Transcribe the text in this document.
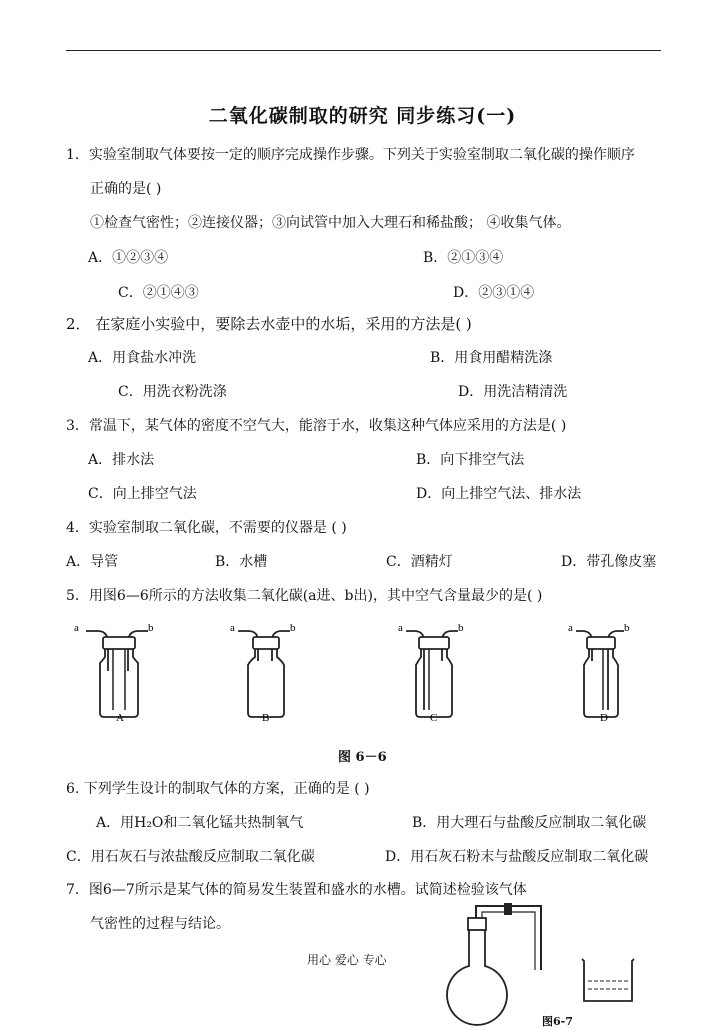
二氧化碳制取的研究 同步练习(一)
1．实验室制取气体要按一定的顺序完成操作步骤。下列关于实验室制取二氧化碳的操作顺序
正确的是( )
①检查气密性；②连接仪器；③向试管中加入大理石和稀盐酸； ④收集气体。
A．①②③④	B．②①③④
C．②①④③	D．②③①④
2． 在家庭小实验中，要除去水壶中的水垢，采用的方法是( )
A．用食盐水冲洗	B．用食用醋精洗涤
C．用洗衣粉洗涤	D．用洗洁精清洗
3．常温下，某气体的密度不空气大，能溶于水，收集这种气体应采用的方法是( )
A．排水法	B．向下排空气法
C．向上排空气法	D．向上排空气法、排水法
4．实验室制取二氧化碳，不需要的仪器是 ( )
A．导管	B．水槽	C．酒精灯	D．带孔像皮塞
5．用图6—6所示的方法收集二氧化碳(a进、b出)，其中空气含量最少的是( )
a	b
A
a	b
B
a	b
C
a	b
D
图 6－6
6. 下列学生设计的制取气体的方案，正确的是 ( )
A．用H₂O和二氧化锰共热制氧气	B．用大理石与盐酸反应制取二氧化碳
C．用石灰石与浓盐酸反应制取二氧化碳	D．用石灰石粉末与盐酸反应制取二氧化碳
7．图6—7所示是某气体的简易发生装置和盛水的水槽。试简述检验该气体
气密性的过程与结论。
图6-7
用心 爱心 专心
